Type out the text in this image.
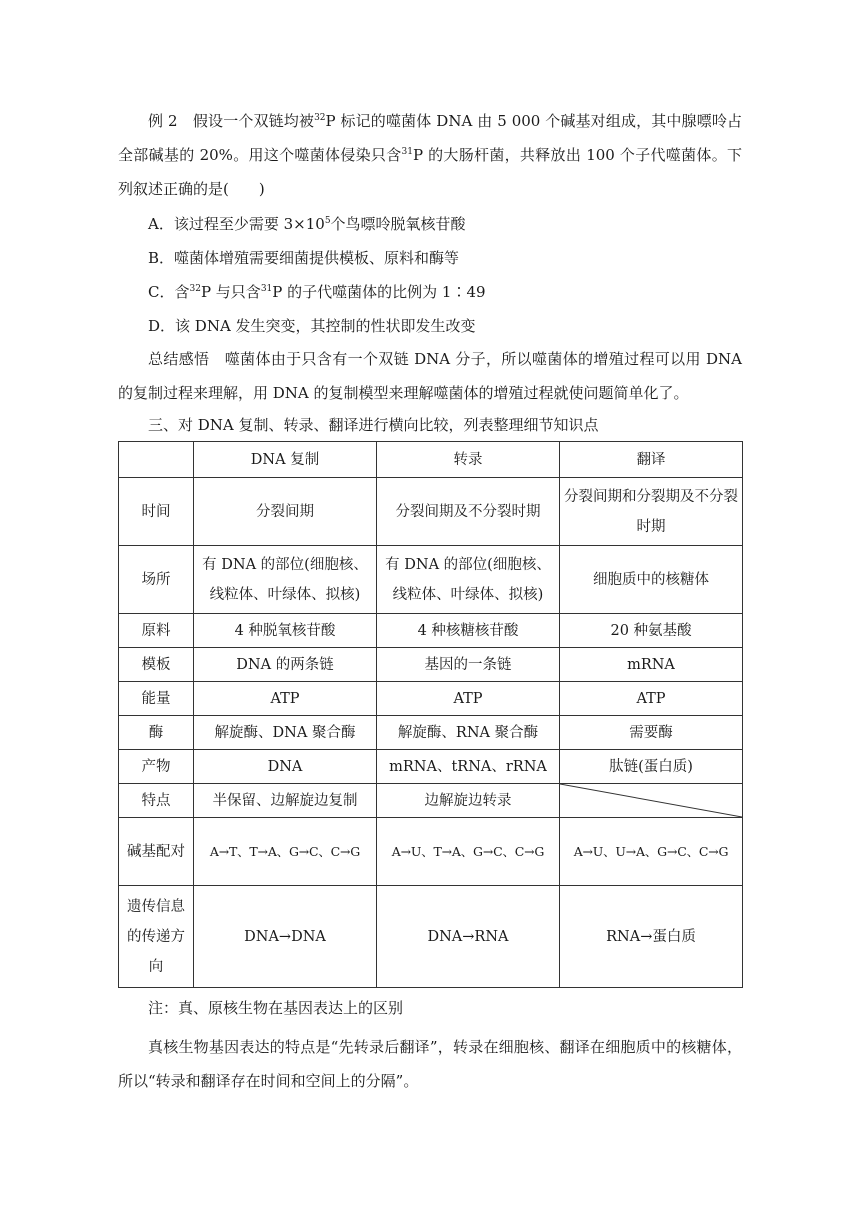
例 2　 假设一个双链均被$^{32}$P 标记的噬菌体 DNA 由 5 000 个碱基对组成，其中腺嘌呤占全部碱基的 20%。用这个噬菌体侵染只含$^{31}$P 的大肠杆菌，共释放出 100 个子代噬菌体。下列叙述正确的是(　　)

A．该过程至少需要 $3\times 10^5$个鸟嘌呤脱氧核苷酸

B．噬菌体增殖需要细菌提供模板、原料和酶等

C．含$^{32}$P 与只含$^{31}$P 的子代噬菌体的比例为 1∶49

D．该 DNA 发生突变，其控制的性状即发生改变

总结感悟　噬菌体由于只含有一个双链 DNA 分子，所以噬菌体的增殖过程可以用 DNA 的复制过程来理解，用 DNA 的复制模型来理解噬菌体的增殖过程就使问题简单化了。

三、对 DNA 复制、转录、翻译进行横向比较，列表整理细节知识点

	DNA 复制	转录	翻译
时间	分裂间期	分裂间期及不分裂时期	分裂间期和分裂期及不分裂时期
场所	有 DNA 的部位(细胞核、线粒体、叶绿体、拟核)	有 DNA 的部位(细胞核、线粒体、叶绿体、拟核)	细胞质中的核糖体
原料	4 种脱氧核苷酸	4 种核糖核苷酸	20 种氨基酸
模板	DNA 的两条链	基因的一条链	mRNA
能量	ATP	ATP	ATP
酶	解旋酶、DNA 聚合酶	解旋酶、RNA 聚合酶	需要酶
产物	DNA	mRNA、tRNA、rRNA	肽链(蛋白质)
特点	半保留、边解旋边复制	边解旋边转录	

碱基配对	A→T、T→A、G→C、C→G	A→U、T→A、G→C、C→G	A→U、U→A、G→C、C→G
遗传信息的传递方向	DNA→DNA	DNA→RNA	RNA→蛋白质

注：真、原核生物在基因表达上的区别

真核生物基因表达的特点是“先转录后翻译”，转录在细胞核、翻译在细胞质中的核糖体，所以“转录和翻译存在时间和空间上的分隔”。
